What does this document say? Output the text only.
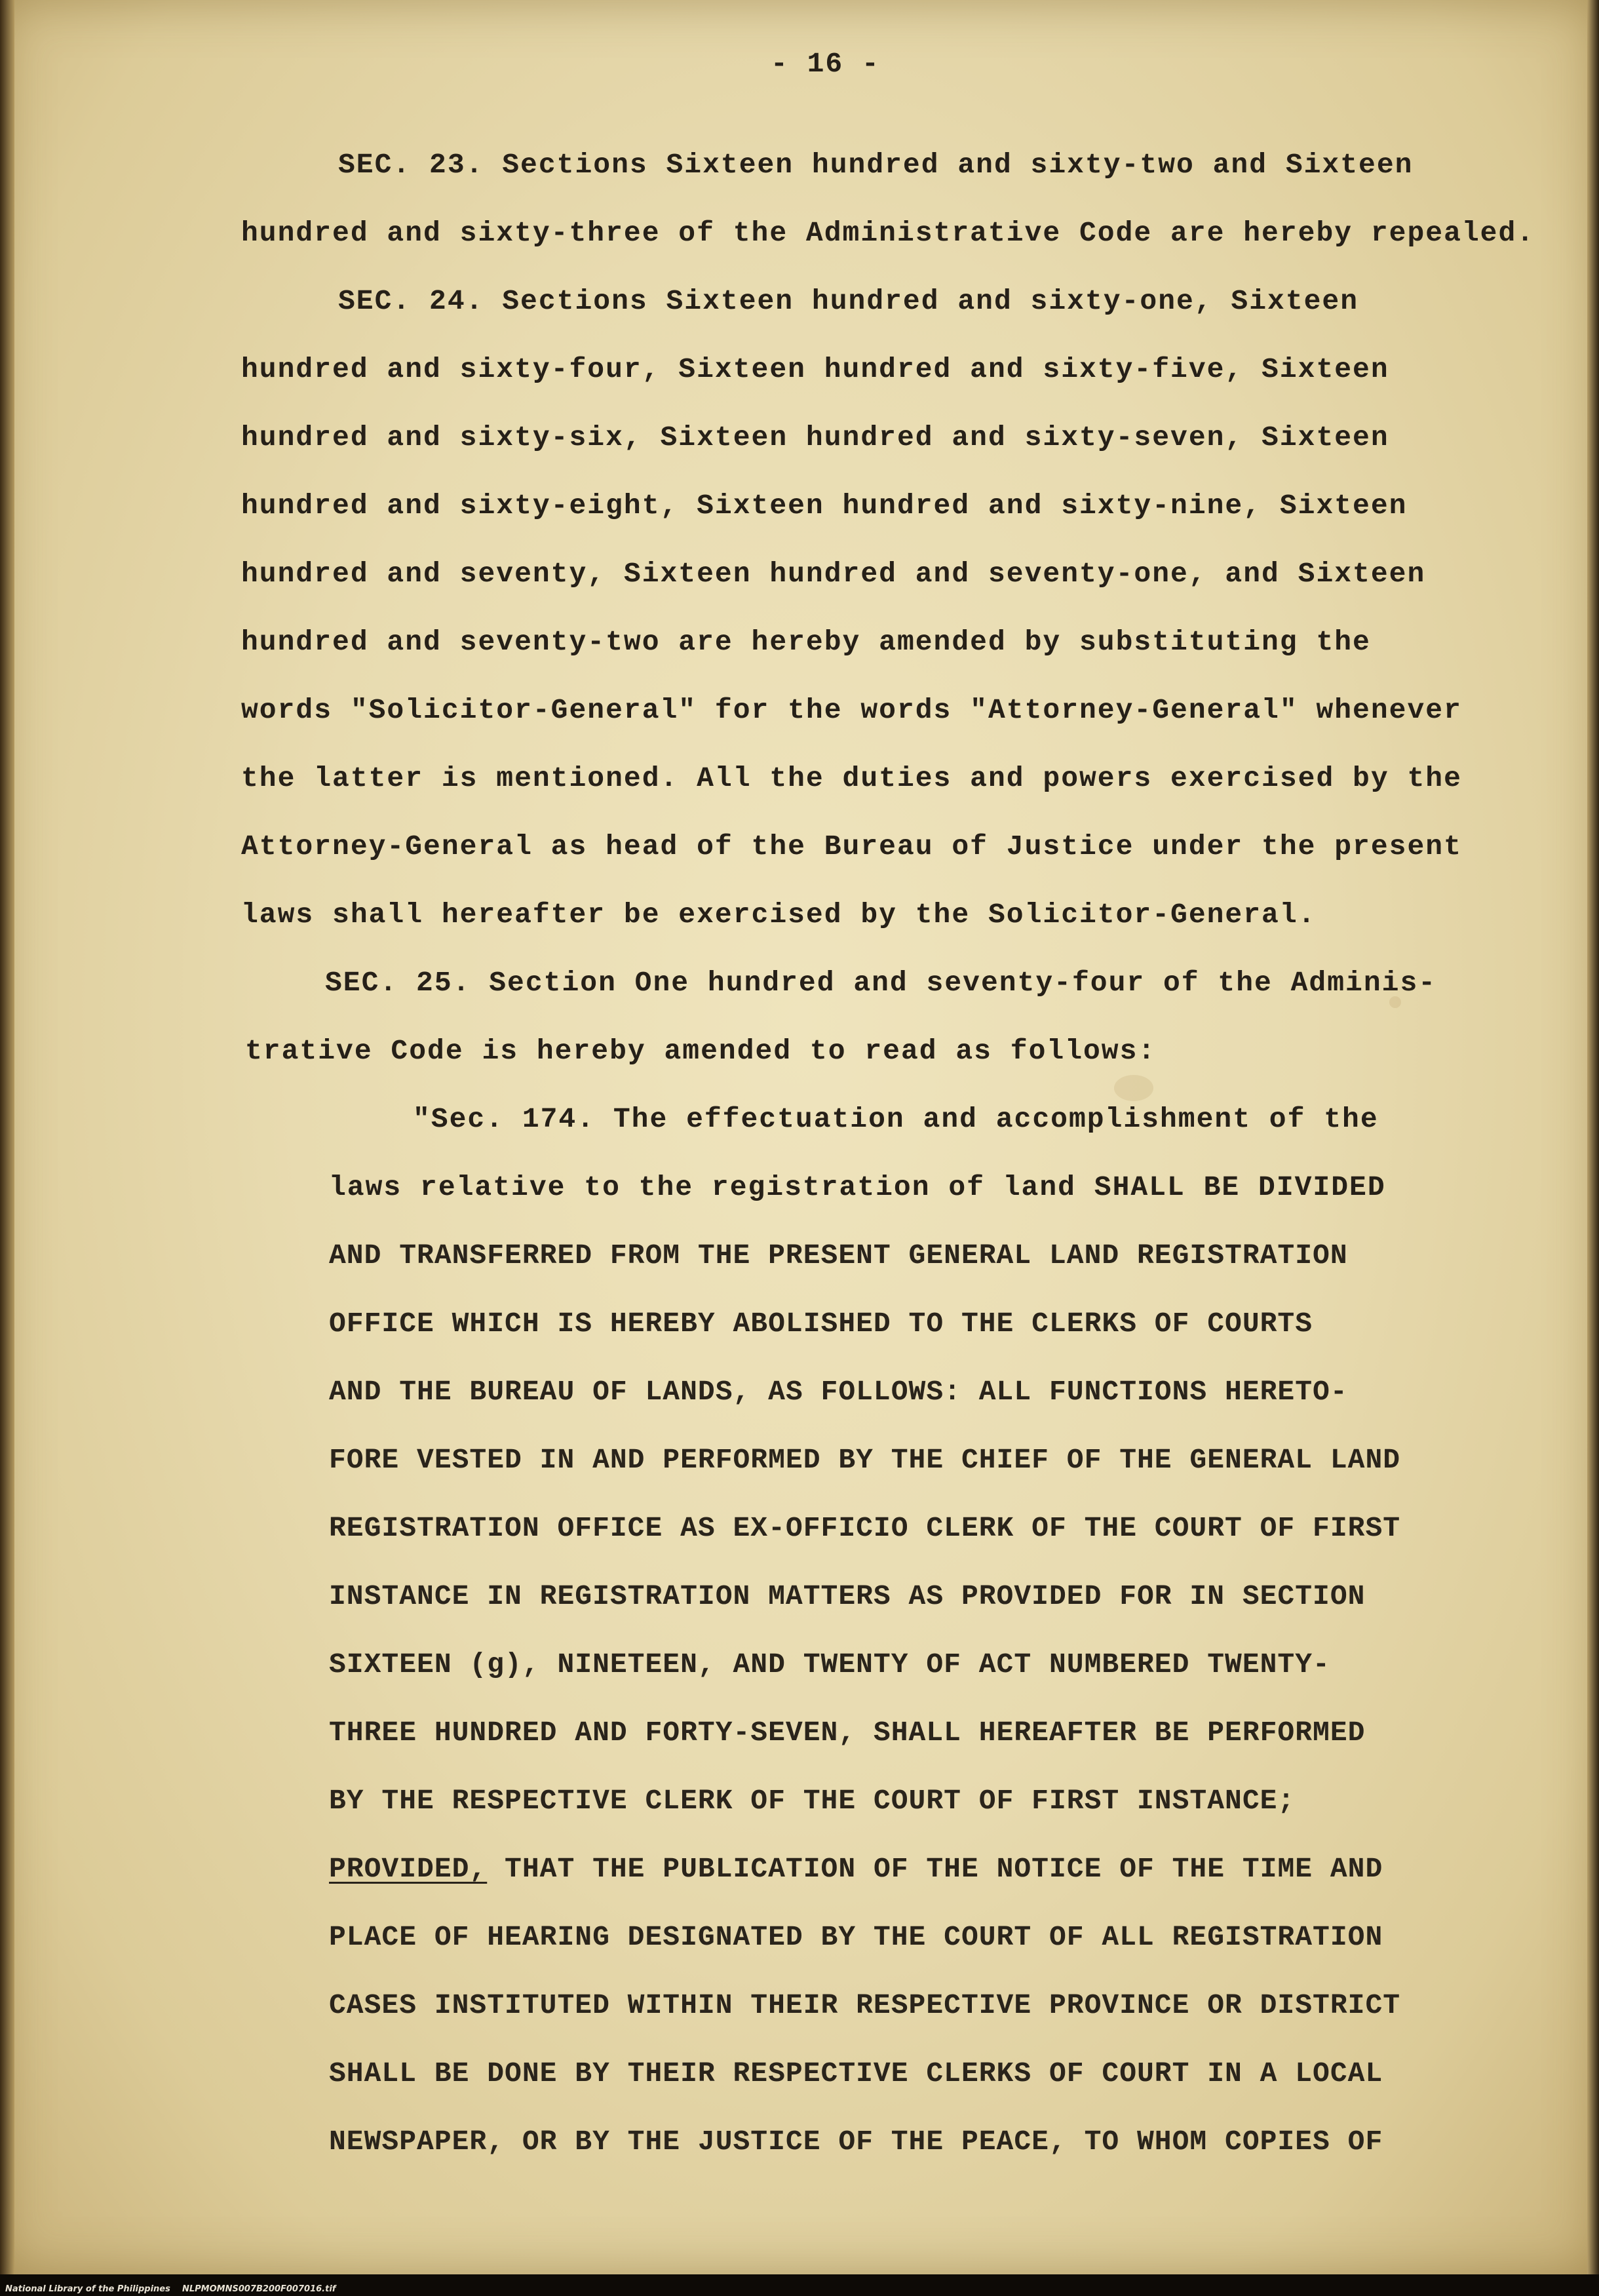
- 16 -
SEC. 23. Sections Sixteen hundred and sixty-two and Sixteen
hundred and sixty-three of the Administrative Code are hereby repealed.
SEC. 24. Sections Sixteen hundred and sixty-one, Sixteen
hundred and sixty-four, Sixteen hundred and sixty-five, Sixteen
hundred and sixty-six, Sixteen hundred and sixty-seven, Sixteen
hundred and sixty-eight, Sixteen hundred and sixty-nine, Sixteen
hundred and seventy, Sixteen hundred and seventy-one, and Sixteen
hundred and seventy-two are hereby amended by substituting the
words "Solicitor-General" for the words "Attorney-General" whenever
the latter is mentioned. All the duties and powers exercised by the
Attorney-General as head of the Bureau of Justice under the present
laws shall hereafter be exercised by the Solicitor-General.
SEC. 25. Section One hundred and seventy-four of the Adminis-
trative Code is hereby amended to read as follows:
"Sec. 174. The effectuation and accomplishment of the
laws relative to the registration of land SHALL BE DIVIDED
AND TRANSFERRED FROM THE PRESENT GENERAL LAND REGISTRATION
OFFICE WHICH IS HEREBY ABOLISHED TO THE CLERKS OF COURTS
AND THE BUREAU OF LANDS, AS FOLLOWS: ALL FUNCTIONS HERETO-
FORE VESTED IN AND PERFORMED BY THE CHIEF OF THE GENERAL LAND
REGISTRATION OFFICE AS EX-OFFICIO CLERK OF THE COURT OF FIRST
INSTANCE IN REGISTRATION MATTERS AS PROVIDED FOR IN SECTION
SIXTEEN (g), NINETEEN, AND TWENTY OF ACT NUMBERED TWENTY-
THREE HUNDRED AND FORTY-SEVEN, SHALL HEREAFTER BE PERFORMED
BY THE RESPECTIVE CLERK OF THE COURT OF FIRST INSTANCE;
PROVIDED, THAT THE PUBLICATION OF THE NOTICE OF THE TIME AND
PLACE OF HEARING DESIGNATED BY THE COURT OF ALL REGISTRATION
CASES INSTITUTED WITHIN THEIR RESPECTIVE PROVINCE OR DISTRICT
SHALL BE DONE BY THEIR RESPECTIVE CLERKS OF COURT IN A LOCAL
NEWSPAPER, OR BY THE JUSTICE OF THE PEACE, TO WHOM COPIES OF
National Library of the Philippines NLPMOMNS007B200F007016.tif
